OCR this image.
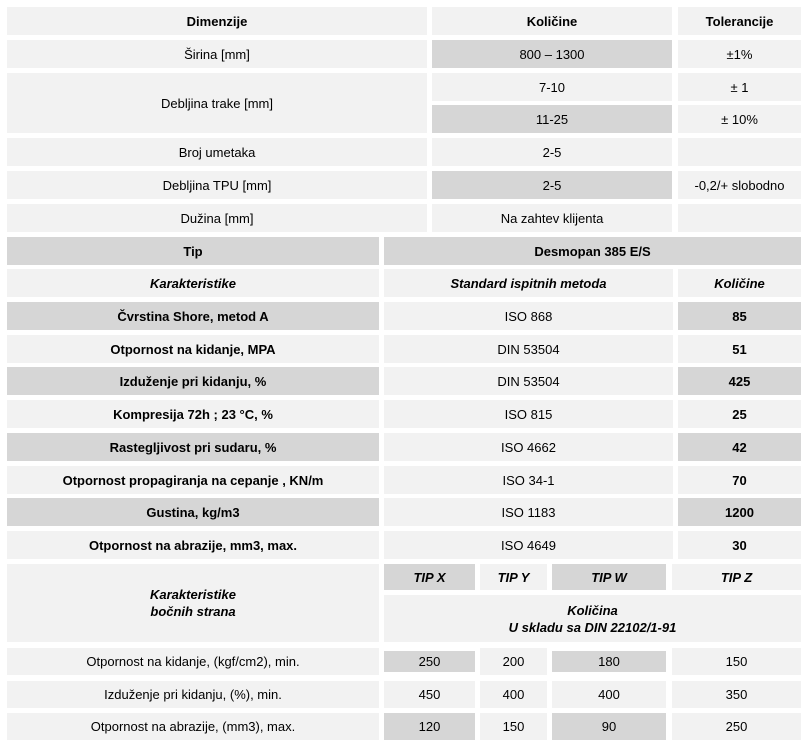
Dimenzije	Količine	Tolerancije
Širina [mm]	800 – 1300	±1%
Debljina trake [mm]
7-10	± 1
11-25	± 10%
Broj umetaka	2-5
Debljina TPU [mm]	2-5	-0,2/+ slobodno
Dužina [mm]	Na zahtev klijenta
Tip	Desmopan 385 E/S
Karakteristike	Standard ispitnih metoda	Količine
Čvrstina Shore, metod A	ISO 868	85
Otpornost na kidanje, MPA	DIN 53504	51
Izduženje pri kidanju, %	DIN 53504	425
Kompresija 72h ; 23 °C, %	ISO 815	25
Rastegljivost pri sudaru, %	ISO 4662	42
Otpornost propagiranja na cepanje , KN/m	ISO 34-1	70
Gustina, kg/m3	ISO 1183	1200
Otpornost na abrazije, mm3, max.	ISO 4649	30
Karakteristike
bočnih strana
TIP X	TIP Y	TIP W	TIP Z
Količina
U skladu sa DIN 22102/1-91
Otpornost na kidanje, (kgf/cm2), min.	250	200	180	150
Izduženje pri kidanju, (%), min.	450	400	400	350
Otpornost na abrazije, (mm3), max.	120	150	90	250
